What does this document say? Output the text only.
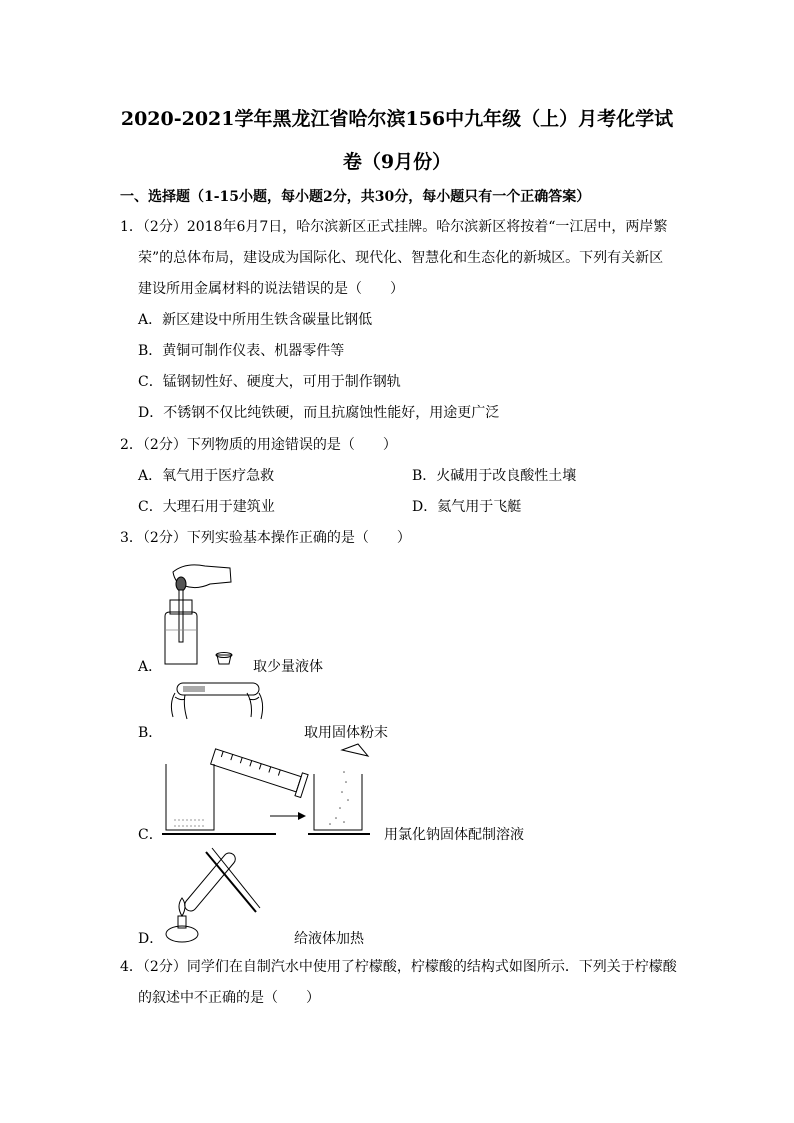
2020-2021学年黑龙江省哈尔滨156中九年级（上）月考化学试
卷（9月份）
一、选择题（1-15小题，每小题2分，共30分，每小题只有一个正确答案）
1．（2分）2018年6月7日，哈尔滨新区正式挂牌。哈尔滨新区将按着“一江居中，两岸繁
荣”的总体布局，建设成为国际化、现代化、智慧化和生态化的新城区。下列有关新区
建设所用金属材料的说法错误的是（　　）
A．新区建设中所用生铁含碳量比钢低
B．黄铜可制作仪表、机器零件等
C．锰钢韧性好、硬度大，可用于制作钢轨
D．不锈钢不仅比纯铁硬，而且抗腐蚀性能好，用途更广泛
2．（2分）下列物质的用途错误的是（　　）
A．氧气用于医疗急救	B．火碱用于改良酸性土壤
C．大理石用于建筑业	D．氦气用于飞艇
3．（2分）下列实验基本操作正确的是（　　）
A．	取少量液体
B．	取用固体粉末
C．	用氯化钠固体配制溶液
D．	给液体加热
4．（2分）同学们在自制汽水中使用了柠檬酸，柠檬酸的结构式如图所示．下列关于柠檬酸
的叙述中不正确的是（　　）
